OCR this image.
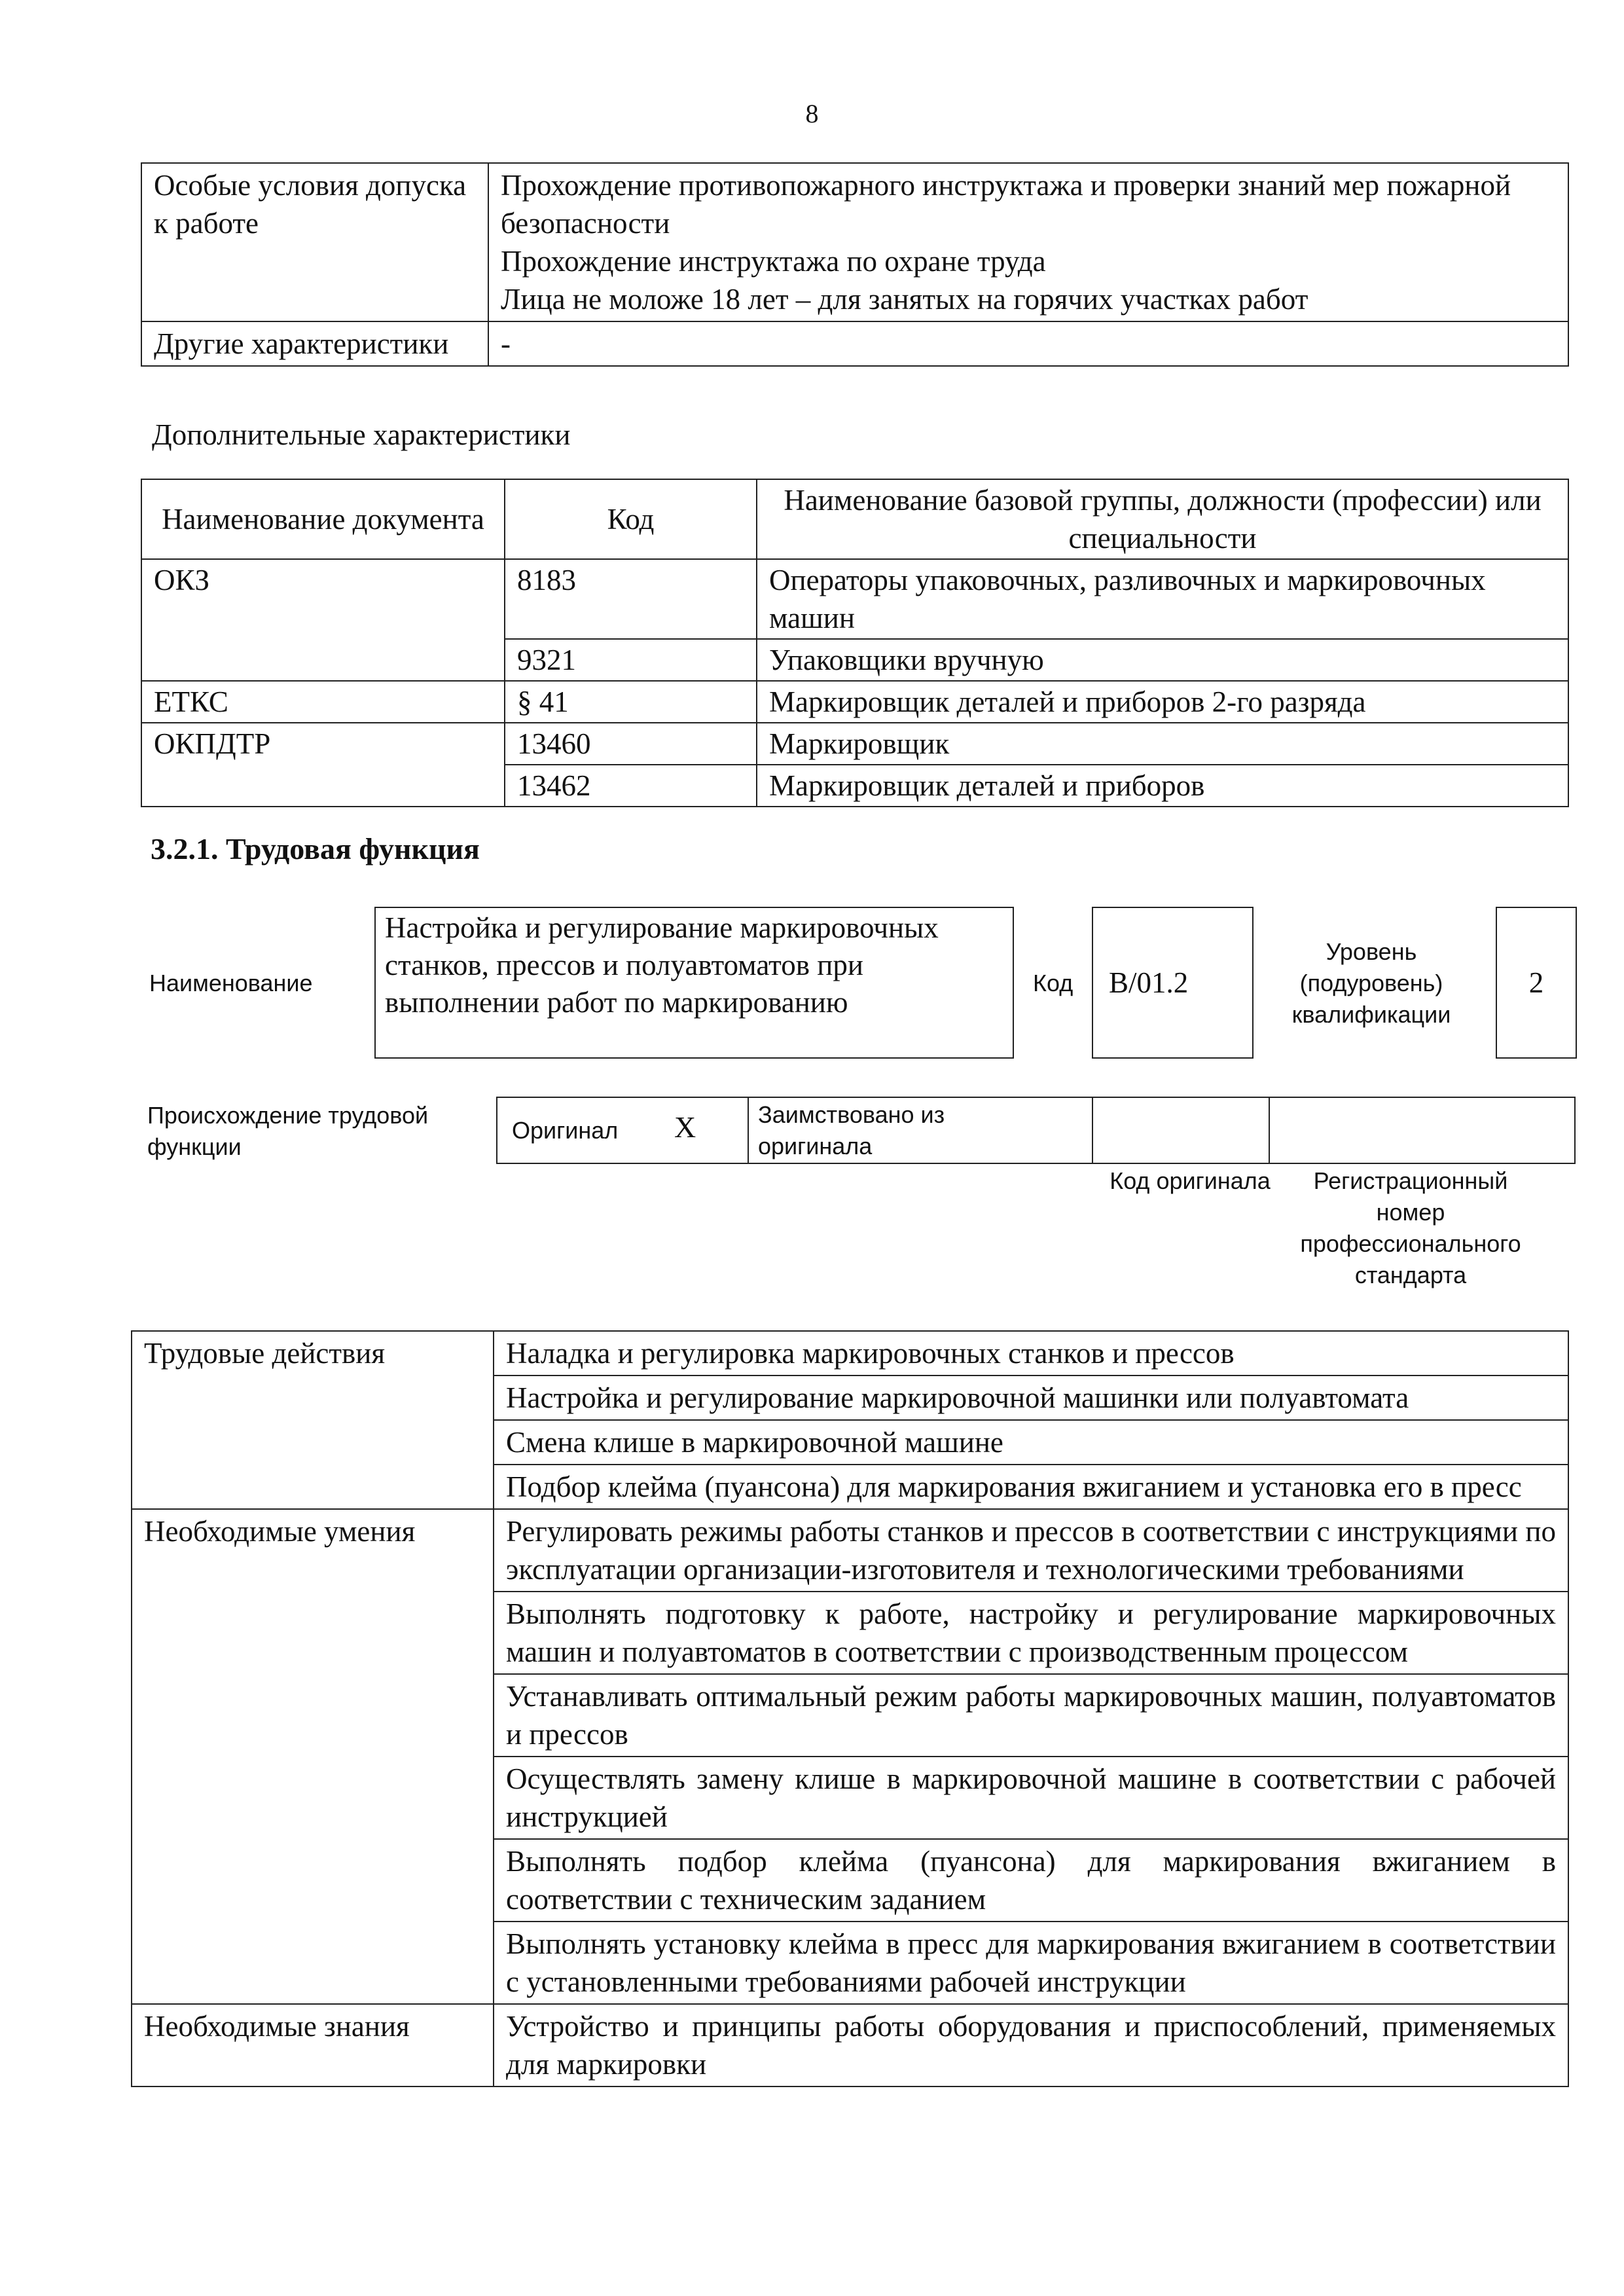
8
Особые условия допуска к работе	Прохождение противопожарного инструктажа и проверки знаний мер пожарной безопасности
Прохождение инструктажа по охране труда
Лица не моложе 18 лет – для занятых на горячих участках работ

Другие характеристики	-
Дополнительные характеристики
Наименование документа	Код	Наименование базовой группы, должности (профессии) или специальности
ОКЗ	8183	Операторы упаковочных, разливочных и маркировочных машин
	9321	Упаковщики вручную
ЕТКС	§ 41	Маркировщик деталей и приборов 2-го разряда
ОКПДТР	13460	Маркировщик
	13462	Маркировщик деталей и приборов
3.2.1. Трудовая функция
Наименование
Настройка и регулирование маркировочных станков, прессов и полуавтоматов при выполнении работ по маркированию
Код	В/01.2
Уровень (подуровень) квалификации
2
Происхождение трудовой функции
Оригинал X	Заимствовано из оригинала
Код оригинала	Регистрационный номер профессионального стандарта
Трудовые действия	Наладка и регулировка маркировочных станков и прессов
	Настройка и регулирование маркировочной машинки или полуавтомата
	Смена клише в маркировочной машине
	Подбор клейма (пуансона) для маркирования вжиганием и установка его в пресс
Необходимые умения	Регулировать режимы работы станков и прессов в соответствии с инструкциями по эксплуатации организации-изготовителя и технологическими требованиями
	Выполнять подготовку к работе, настройку и регулирование маркировочных машин и полуавтоматов в соответствии с производственным процессом
	Устанавливать оптимальный режим работы маркировочных машин, полуавтоматов и прессов
	Осуществлять замену клише в маркировочной машине в соответствии с рабочей инструкцией
	Выполнять подбор клейма (пуансона) для маркирования вжиганием в соответствии с техническим заданием
	Выполнять установку клейма в пресс для маркирования вжиганием в соответствии с установленными требованиями рабочей инструкции
Необходимые знания	Устройство и принципы работы оборудования и приспособлений, применяемых для маркировки
